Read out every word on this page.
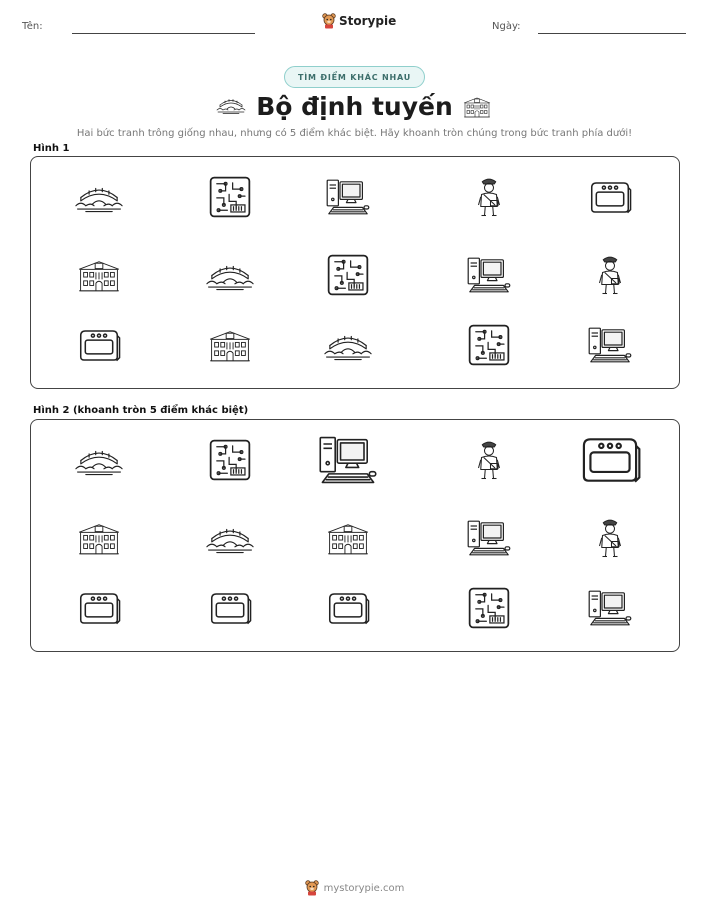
Tên:	Storypie	Ngày:
TÌM ĐIỂM KHÁC NHAU
Bộ định tuyến
Hai bức tranh trông giống nhau, nhưng có 5 điểm khác biệt. Hãy khoanh tròn chúng trong bức tranh phía dưới!
Hình 1
Hình 2 (khoanh tròn 5 điểm khác biệt)
mystorypie.com
